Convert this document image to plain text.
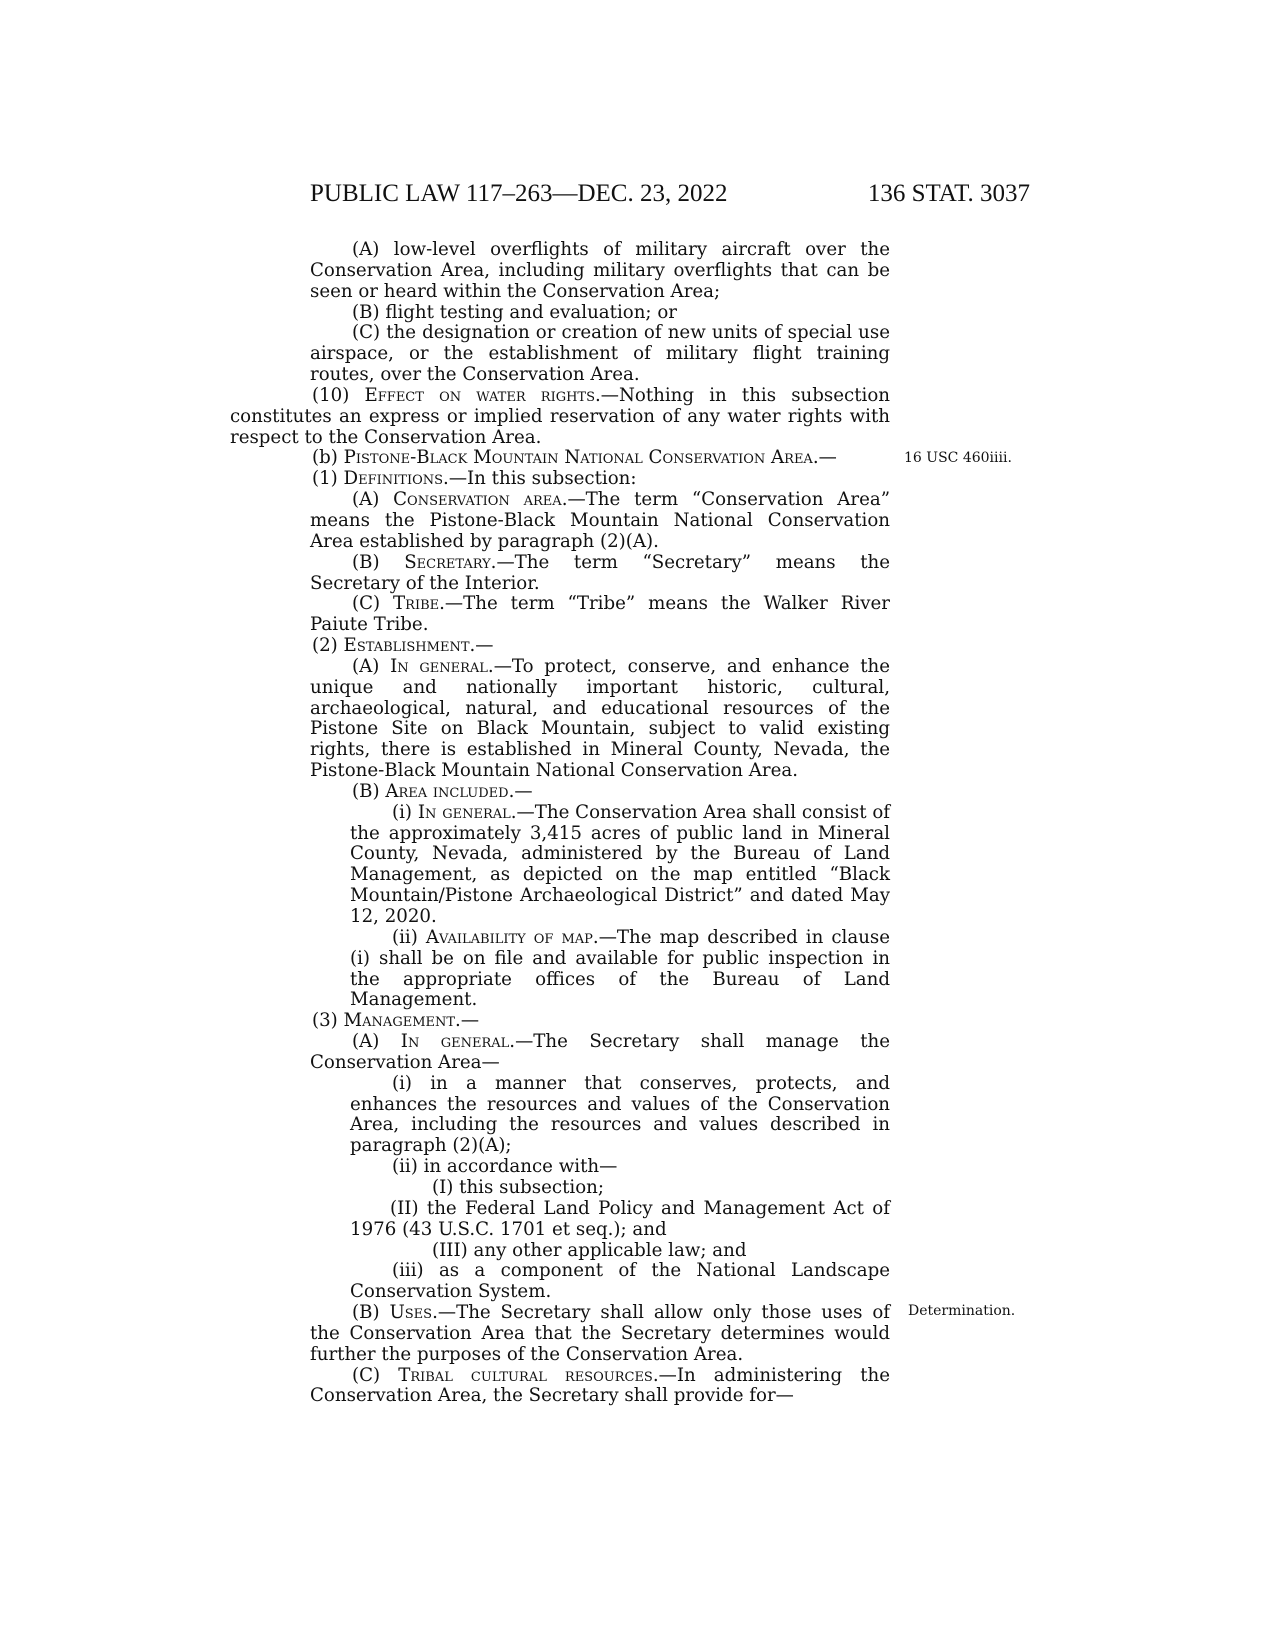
PUBLIC LAW 117–263—DEC. 23, 2022	136 STAT. 3037

(A) low-level overflights of military aircraft over the Conservation Area, including military overflights that can be seen or heard within the Conservation Area;

(B) flight testing and evaluation; or

(C) the designation or creation of new units of special use airspace, or the establishment of military flight training routes, over the Conservation Area.

(10) Effect on water rights.—Nothing in this subsection constitutes an express or implied reservation of any water rights with respect to the Conservation Area.

(b) Pistone-Black Mountain National Conservation Area.—

(1) Definitions.—In this subsection:

(A) Conservation area.—The term “Conservation Area” means the Pistone-Black Mountain National Conservation Area established by paragraph (2)(A).

(B) Secretary.—The term “Secretary” means the Secretary of the Interior.

(C) Tribe.—The term “Tribe” means the Walker River Paiute Tribe.

(2) Establishment.—

(A) In general.—To protect, conserve, and enhance the unique and nationally important historic, cultural, archaeological, natural, and educational resources of the Pistone Site on Black Mountain, subject to valid existing rights, there is established in Mineral County, Nevada, the Pistone-Black Mountain National Conservation Area.

(B) Area included.—

(i) In general.—The Conservation Area shall consist of the approximately 3,415 acres of public land in Mineral County, Nevada, administered by the Bureau of Land Management, as depicted on the map entitled “Black Mountain/Pistone Archaeological District” and dated May 12, 2020.

(ii) Availability of map.—The map described in clause (i) shall be on file and available for public inspection in the appropriate offices of the Bureau of Land Management.

(3) Management.—

(A) In general.—The Secretary shall manage the Conservation Area—

(i) in a manner that conserves, protects, and enhances the resources and values of the Conservation Area, including the resources and values described in paragraph (2)(A);

(ii) in accordance with—

(I) this subsection;

(II) the Federal Land Policy and Management Act of 1976 (43 U.S.C. 1701 et seq.); and

(III) any other applicable law; and

(iii) as a component of the National Landscape Conservation System.

(B) Uses.—The Secretary shall allow only those uses of the Conservation Area that the Secretary determines would further the purposes of the Conservation Area.

(C) Tribal cultural resources.—In administering the Conservation Area, the Secretary shall provide for—

16 USC 460iiii.
Determination.
